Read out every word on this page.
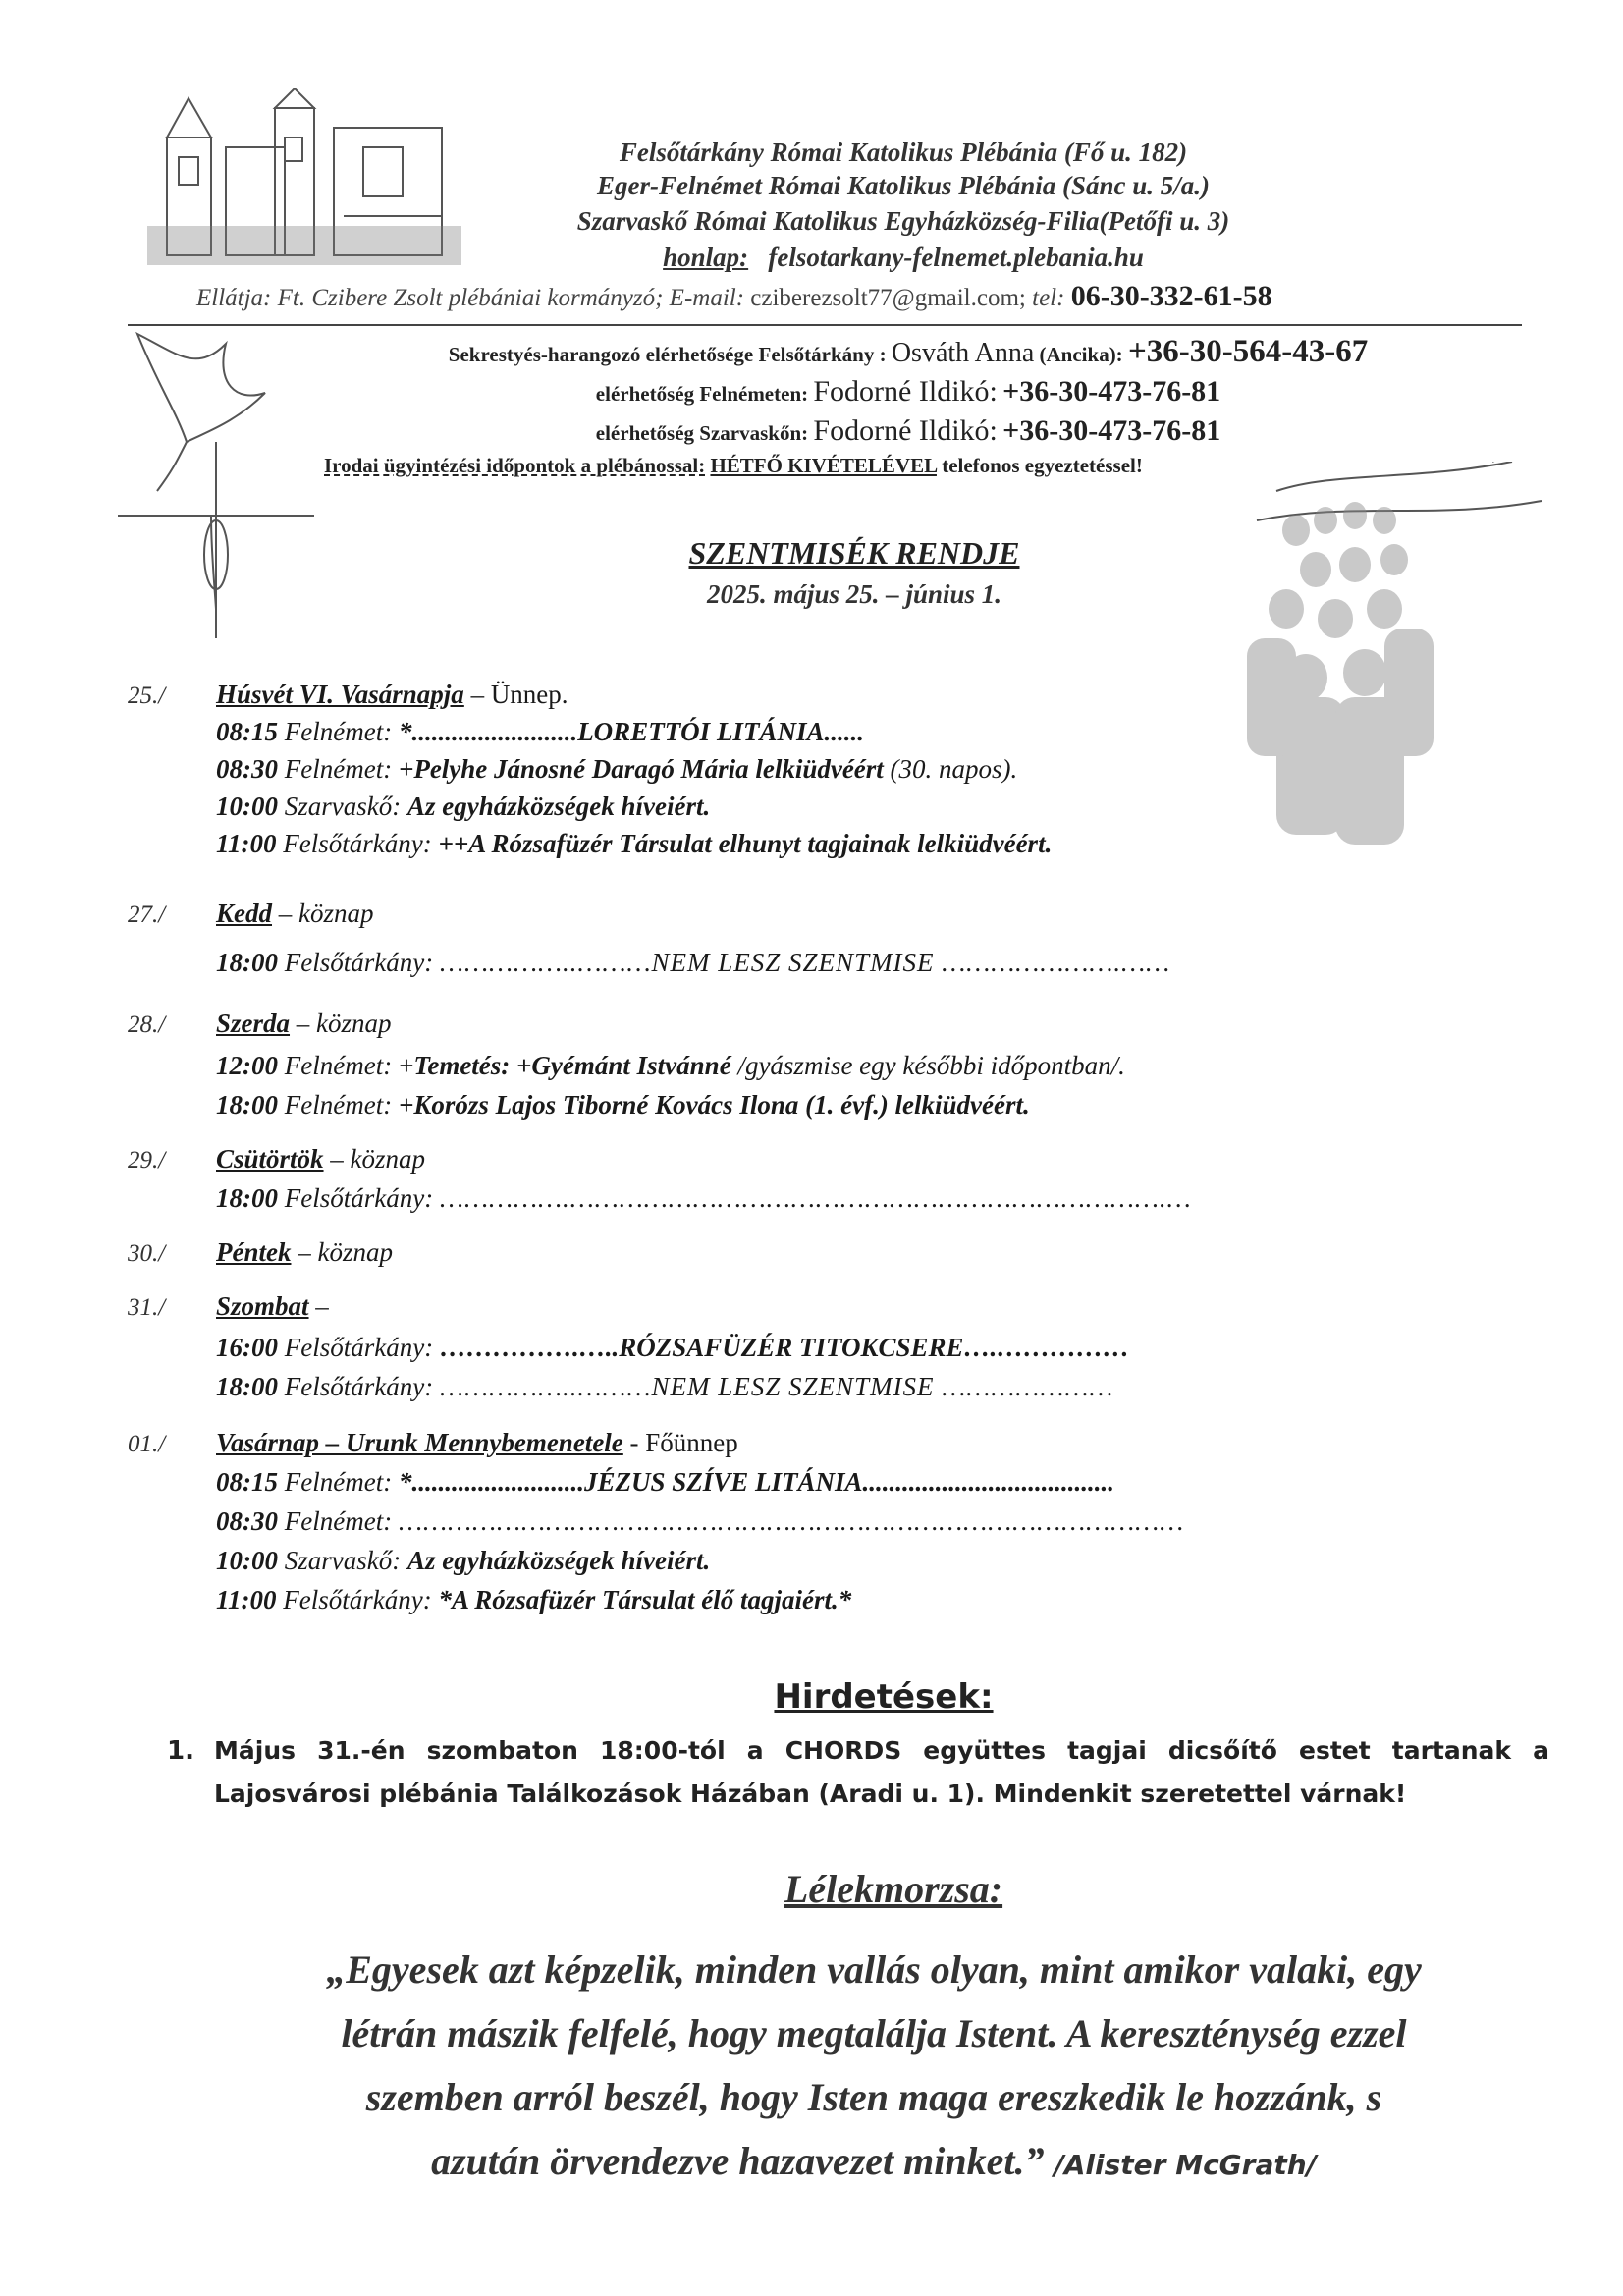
Felsőtárkány Római Katolikus Plébánia (Fő u. 182)
Eger-Felnémet Római Katolikus Plébánia (Sánc u. 5/a.)
Szarvaskő Római Katolikus Egyházközség-Filia(Petőfi u. 3)
honlap: felsotarkany-felnemet.plebania.hu
Ellátja: Ft. Czibere Zsolt plébániai kormányzó; E-mail: cziberezsolt77@gmail.com; tel: 06-30-332-61-58
Sekrestyés-harangozó elérhetősége Felsőtárkány : Osváth Anna (Ancika): +36-30-564-43-67
elérhetőség Felnémeten: Fodorné Ildikó: +36-30-473-76-81
elérhetőség Szarvaskőn: Fodorné Ildikó: +36-30-473-76-81
Irodai ügyintézési időpontok a plébánossal: HÉTFŐ KIVÉTELÉVEL telefonos egyeztetéssel!
SZENTMISÉK RENDJE
2025. május 25. – június 1.
25./ Húsvét VI. Vasárnapja – Ünnep.
08:15 Felnémet: *.........................LORETTÓI LITÁNIA......
08:30 Felnémet: +Pelyhe Jánosné Daragó Mária lelkiüdvéért (30. napos).
10:00 Szarvaskő: Az egyházközségek híveiért.
11:00 Felsőtárkány: ++A Rózsafüzér Társulat elhunyt tagjainak lelkiüdvéért.
27./ Kedd – köznap
18:00 Felsőtárkány: ……………..………NEM LESZ SZENTMISE ………………….……
28./ Szerda – köznap
12:00 Felnémet: +Temetés: +Gyémánt Istvánné /gyászmise egy későbbi időpontban/.
18:00 Felnémet: +Korózs Lajos Tiborné Kovács Ilona (1. évf.) lelkiüdvéért.
29./ Csütörtök – köznap
18:00 Felsőtárkány: …………….……………………………………………………………….…
30./ Péntek – köznap
31./ Szombat –
16:00 Felsőtárkány: …………….…..RÓZSAFÜZÉR TITOKCSERE….……………
18:00 Felsőtárkány: ……………..………NEM LESZ SZENTMISE …………………
01./ Vasárnap – Urunk Mennybemenetele - Főünnep
08:15 Felnémet: *..........................JÉZUS SZÍVE LITÁNIA......................................
08:30 Felnémet: ……………………………………………………………………………………
10:00 Szarvaskő: Az egyházközségek híveiért.
11:00 Felsőtárkány: *A Rózsafüzér Társulat élő tagjaiért.*
Hirdetések:
1. Május 31.-én szombaton 18:00-tól a CHORDS együttes tagjai dicsőítő estet tartanak a
Lajosvárosi plébánia Találkozások Házában (Aradi u. 1). Mindenkit szeretettel várnak!
Lélekmorzsa:
„Egyesek azt képzelik, minden vallás olyan, mint amikor valaki, egy
létrán mászik felfelé, hogy megtalálja Istent. A kereszténység ezzel
szemben arról beszél, hogy Isten maga ereszkedik le hozzánk, s
azután örvendezve hazavezet minket.” /Alister McGrath/
